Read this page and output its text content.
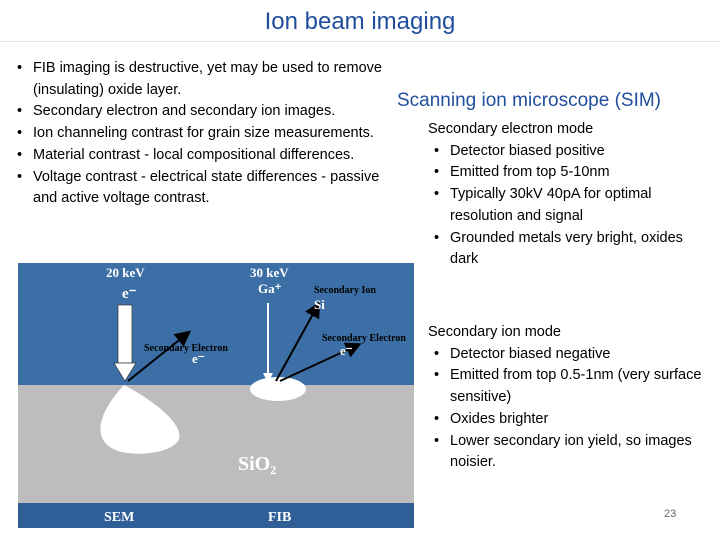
Ion beam imaging
• FIB imaging is destructive, yet may be used to remove (insulating) oxide layer.
• Secondary electron and secondary ion images.
• Ion channeling contrast for grain size measurements.
• Material contrast - local compositional differences.
• Voltage contrast - electrical state differences - passive and active voltage contrast.
Scanning ion microscope (SIM)

Secondary electron mode

• Detector biased positive
• Emitted from top 5-10nm
• Typically 30kV 40pA for optimal resolution and signal
• Grounded metals very bright, oxides dark

Secondary ion mode

• Detector biased negative
• Emitted from top 0.5-1nm (very surface sensitive)
• Oxides brighter
• Lower secondary ion yield, so images noisier.
20 keV
e⁻
30 keV
Ga⁺
Secondary Electron
e⁻
Secondary Ion
Si
Secondary Electron
e⁻
SiO₂
SEM	FIB	23
